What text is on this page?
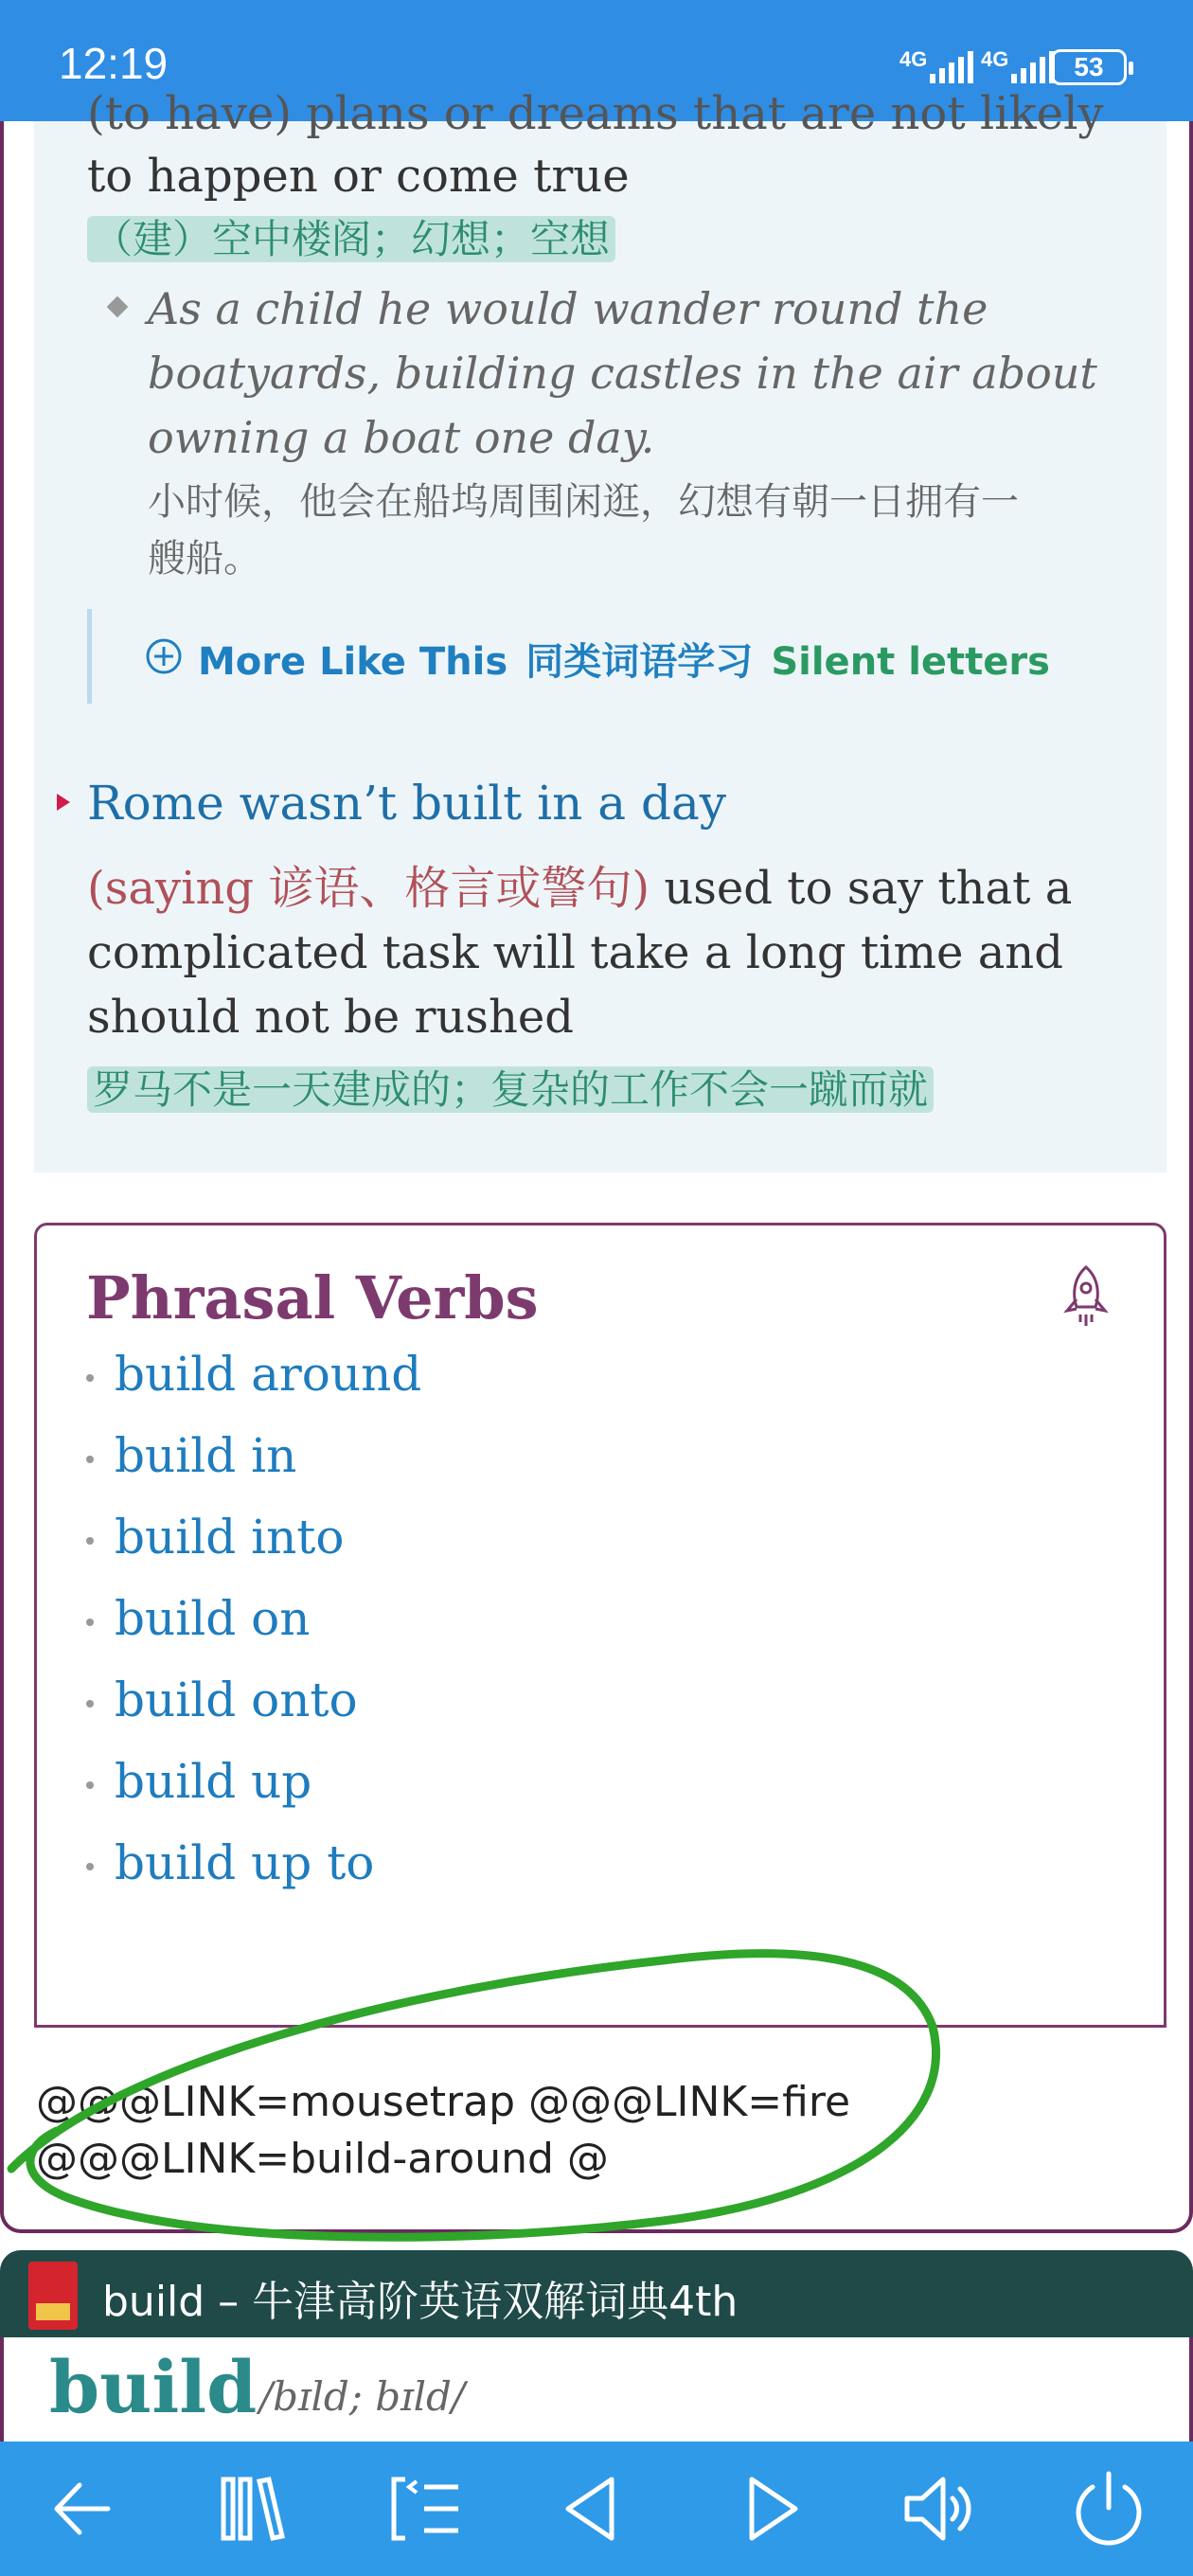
12:19	4G	4G	53
(to have) plans or dreams that are not likely
to happen or come true
（建）空中楼阁；幻想；空想
As a child he would wander round the
boatyards, building castles in the air about
owning a boat one day.
小时候，他会在船坞周围闲逛，幻想有朝一日拥有一
艘船。
More Like This 同类词语学习 Silent letters
Rome wasn’t built in a day
(saying 谚语、格言或警句) used to say that a
complicated task will take a long time and
should not be rushed
罗马不是一天建成的；复杂的工作不会一蹴而就
Phrasal Verbs
build around
build in
build into
build on
build onto
build up
build up to
@@@LINK=mousetrap @@@LINK=fire
@@@LINK=build-around @
build – 牛津高阶英语双解词典4th
build /bɪld; bɪld/
